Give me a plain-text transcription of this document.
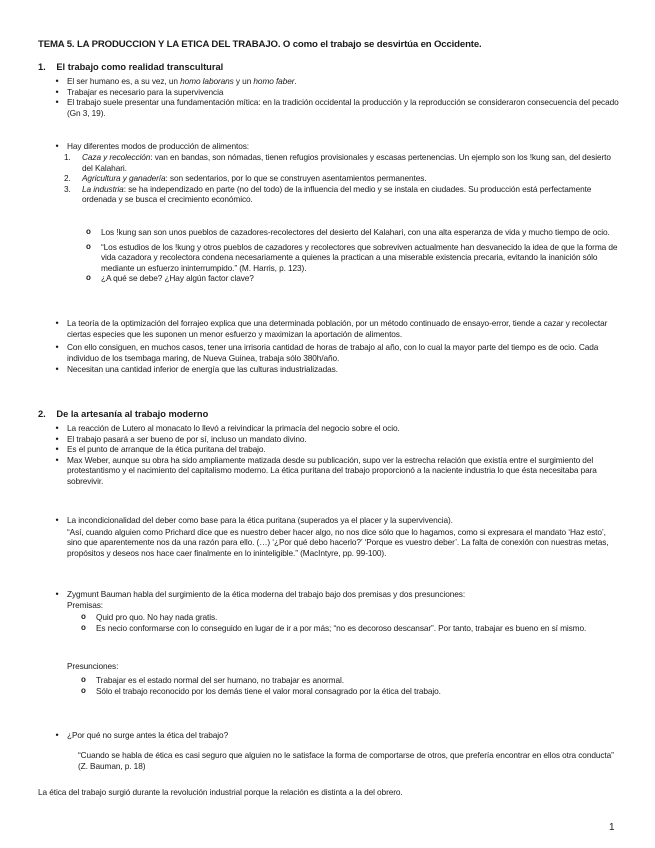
TEMA 5. LA PRODUCCION Y LA ETICA DEL TRABAJO. O como el trabajo se desvirtúa en Occidente.
1. El trabajo como realidad transcultural
•	El ser humano es, a su vez, un homo laborans y un homo faber.
•	Trabajar es necesario para la supervivencia
•	El trabajo suele presentar una fundamentación mítica: en la tradición occidental la producción y la reproducción se consideraron consecuencia del pecado (Gn 3, 19).
•	Hay diferentes modos de producción de alimentos:
1.	Caza y recolección: van en bandas, son nómadas, tienen refugios provisionales y escasas pertenencias. Un ejemplo son los !kung san, del desierto del Kalahari.
2.	Agricultura y ganadería: son sedentarios, por lo que se construyen asentamientos permanentes.
3.	La industria: se ha independizado en parte (no del todo) de la influencia del medio y se instala en ciudades. Su producción está perfectamente ordenada y se busca el crecimiento económico.
o Los !kung san son unos pueblos de cazadores-recolectores del desierto del Kalahari, con una alta esperanza de vida y mucho tiempo de ocio.
o “Los estudios de los !kung y otros pueblos de cazadores y recolectores que sobreviven actualmente han desvanecido la idea de que la forma de vida cazadora y recolectora condena necesariamente a quienes la practican a una miserable existencia precaria, evitando la inanición sólo mediante un esfuerzo ininterrumpido.” (M. Harris, p. 123).
o ¿A qué se debe? ¿Hay algún factor clave?
•	La teoría de la optimización del forrajeo explica que una determinada población, por un método continuado de ensayo-error, tiende a cazar y recolectar ciertas especies que les suponen un menor esfuerzo y maximizan la aportación de alimentos.
•	Con ello consiguen, en muchos casos, tener una irrisoria cantidad de horas de trabajo al año, con lo cual la mayor parte del tiempo es de ocio. Cada individuo de los tsembaga maring, de Nueva Guinea, trabaja sólo 380h/año.
•	Necesitan una cantidad inferior de energía que las culturas industrializadas.
2. De la artesanía al trabajo moderno
•	La reacción de Lutero al monacato lo llevó a reivindicar la primacía del negocio sobre el ocio.
•	El trabajo pasará a ser bueno de por sí, incluso un mandato divino.
•	Es el punto de arranque de la ética puritana del trabajo.
•	Max Weber, aunque su obra ha sido ampliamente matizada desde su publicación, supo ver la estrecha relación que existía entre el surgimiento del protestantismo y el nacimiento del capitalismo moderno. La ética puritana del trabajo proporcionó a la naciente industria lo que ésta necesitaba para sobrevivir.
•	La incondicionalidad del deber como base para la ética puritana (superados ya el placer y la supervivencia).
“Así, cuando alguien como Prichard dice que es nuestro deber hacer algo, no nos dice sólo que lo hagamos, como si expresara el mandato ‘Haz esto’, sino que aparentemente nos da una razón para ello. (…) ‘¿Por qué debo hacerlo?’ ‘Porque es vuestro deber’. La falta de conexión con nuestras metas, propósitos y deseos nos hace caer finalmente en lo ininteligible.” (MacIntyre, pp. 99-100).
•	Zygmunt Bauman habla del surgimiento de la ética moderna del trabajo bajo dos premisas y dos presunciones:
Premisas:
o Quid pro quo. No hay nada gratis.
o Es necio conformarse con lo conseguido en lugar de ir a por más; “no es decoroso descansar”. Por tanto, trabajar es bueno en sí mismo.
Presunciones:
o Trabajar es el estado normal del ser humano, no trabajar es anormal.
o Sólo el trabajo reconocido por los demás tiene el valor moral consagrado por la ética del trabajo.
•	¿Por qué no surge antes la ética del trabajo?
“Cuando se habla de ética es casi seguro que alguien no le satisface la forma de comportarse de otros, que prefería encontrar en ellos otra conducta” (Z. Bauman, p. 18)
La ética del trabajo surgió durante la revolución industrial porque la relación es distinta a la del obrero.
1
